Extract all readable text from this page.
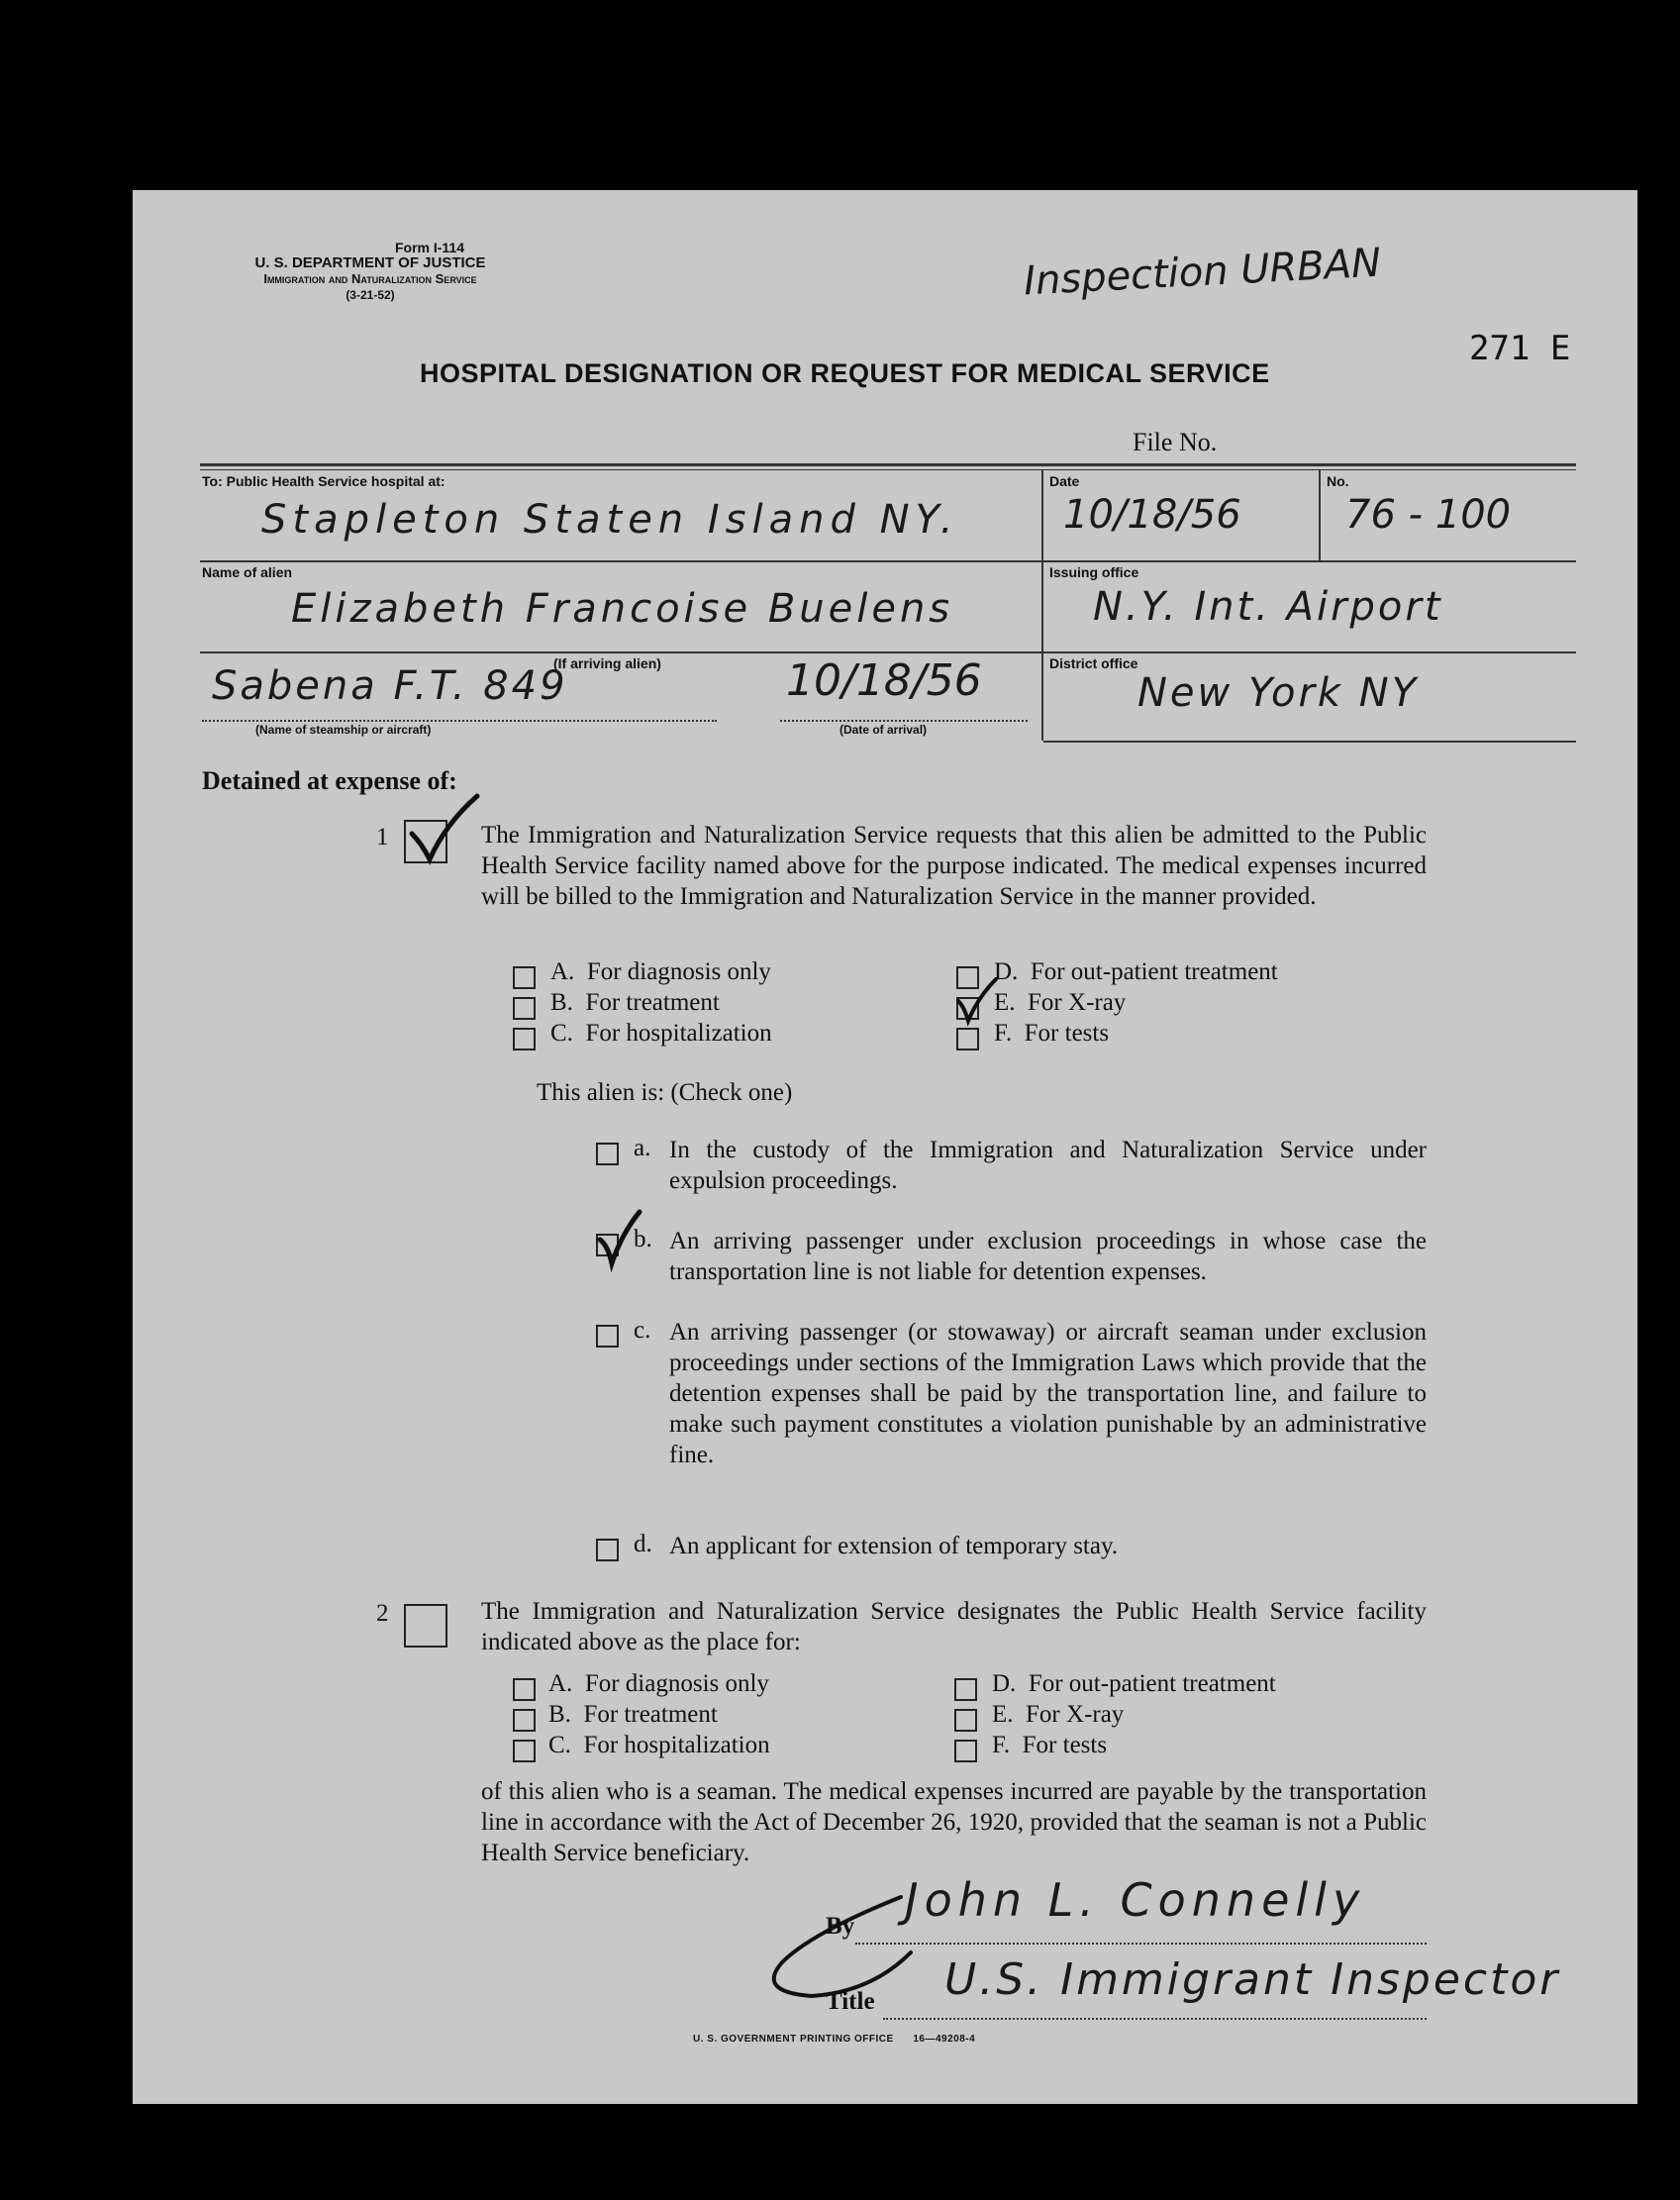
Form I-114
U. S. DEPARTMENT OF JUSTICE
Immigration and Naturalization Service
(3-21-52)	Inspection URBAN
271 E
HOSPITAL DESIGNATION OR REQUEST FOR MEDICAL SERVICE
File No.
To: Public Health Service hospital at:
Stapleton Staten Island NY.
Date
10/18/56
No.
76 - 100
Name of alien
Elizabeth Francoise Buelens
Issuing office
N.Y. Int. Airport
(If arriving alien)
Sabena F.T. 849
(Name of steamship or aircraft)
10/18/56
(Date of arrival)
District office
New York NY
Detained at expense of:
1	The Immigration and Naturalization Service requests that this alien be admitted to the Public Health Service facility named above for the purpose indicated. The medical expenses incurred will be billed to the Immigration and Naturalization Service in the manner provided.
A. For diagnosis only
B. For treatment
C. For hospitalization
D. For out-patient treatment
E. For X-ray
F. For tests
This alien is: (Check one)
a. In the custody of the Immigration and Naturalization Service under expulsion proceedings.
b. An arriving passenger under exclusion proceedings in whose case the transportation line is not liable for detention expenses.
c. An arriving passenger (or stowaway) or aircraft seaman under exclusion proceedings under sections of the Immigration Laws which provide that the detention expenses shall be paid by the transportation line, and failure to make such payment constitutes a violation punishable by an administrative fine.
d. An applicant for extension of temporary stay.
2	The Immigration and Naturalization Service designates the Public Health Service facility indicated above as the place for:
A. For diagnosis only
B. For treatment
C. For hospitalization
D. For out-patient treatment
E. For X-ray
F. For tests
of this alien who is a seaman. The medical expenses incurred are payable by the transportation line in accordance with the Act of December 26, 1920, provided that the seaman is not a Public Health Service beneficiary.
By John L. Connelly
Title U.S. Immigrant Inspector
U. S. GOVERNMENT PRINTING OFFICE 16—49208-4
